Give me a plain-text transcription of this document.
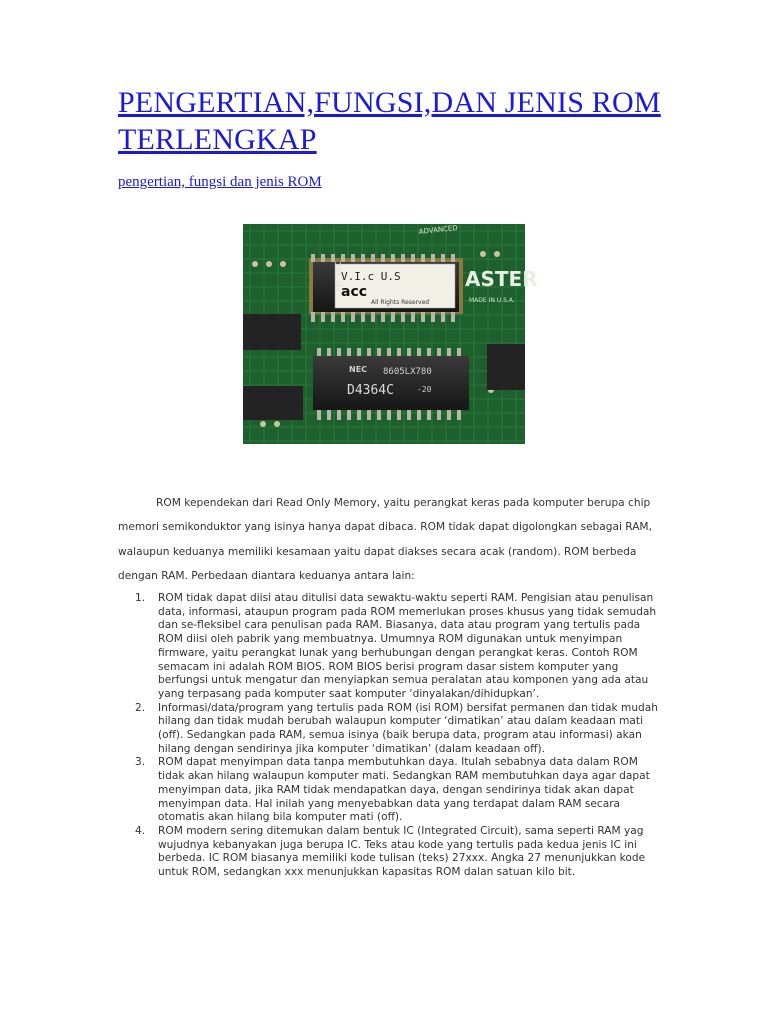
PENGERTIAN,FUNGSI,DAN JENIS ROM TERLENGKAP

pengertian, fungsi dan jenis ROM

ASTER
ADVANCED
MADE IN U.S.A.
V.I.c U.S
acc
All Rights Reserved
SM-10C
NEC 8605LX780
D4364C	-20

ROM kependekan dari Read Only Memory, yaitu perangkat keras pada komputer berupa chip memori semikonduktor yang isinya hanya dapat dibaca. ROM tidak dapat digolongkan sebagai RAM, walaupun keduanya memiliki kesamaan yaitu dapat diakses secara acak (random). ROM berbeda dengan RAM. Perbedaan diantara keduanya antara lain:

1. ROM tidak dapat diisi atau ditulisi data sewaktu-waktu seperti RAM. Pengisian atau penulisan data, informasi, ataupun program pada ROM memerlukan proses khusus yang tidak semudah dan se-fleksibel cara penulisan pada RAM. Biasanya, data atau program yang tertulis pada ROM diisi oleh pabrik yang membuatnya. Umumnya ROM digunakan untuk menyimpan firmware, yaitu perangkat lunak yang berhubungan dengan perangkat keras. Contoh ROM semacam ini adalah ROM BIOS. ROM BIOS berisi program dasar sistem komputer yang berfungsi untuk mengatur dan menyiapkan semua peralatan atau komponen yang ada atau yang terpasang pada komputer saat komputer ‘dinyalakan/dihidupkan’.
2. Informasi/data/program yang tertulis pada ROM (isi ROM) bersifat permanen dan tidak mudah hilang dan tidak mudah berubah walaupun komputer ‘dimatikan’ atau dalam keadaan mati (off). Sedangkan pada RAM, semua isinya (baik berupa data, program atau informasi) akan hilang dengan sendirinya jika komputer ‘dimatikan’ (dalam keadaan off).
3. ROM dapat menyimpan data tanpa membutuhkan daya. Itulah sebabnya data dalam ROM tidak akan hilang walaupun komputer mati. Sedangkan RAM membutuhkan daya agar dapat menyimpan data, jika RAM tidak mendapatkan daya, dengan sendirinya tidak akan dapat menyimpan data. Hal inilah yang menyebabkan data yang terdapat dalam RAM secara otomatis akan hilang bila komputer mati (off).
4. ROM modern sering ditemukan dalam bentuk IC (Integrated Circuit), sama seperti RAM yag wujudnya kebanyakan juga berupa IC. Teks atau kode yang tertulis pada kedua jenis IC ini berbeda. IC ROM biasanya memiliki kode tulisan (teks) 27xxx. Angka 27 menunjukkan kode untuk ROM, sedangkan xxx menunjukkan kapasitas ROM dalan satuan kilo bit.
